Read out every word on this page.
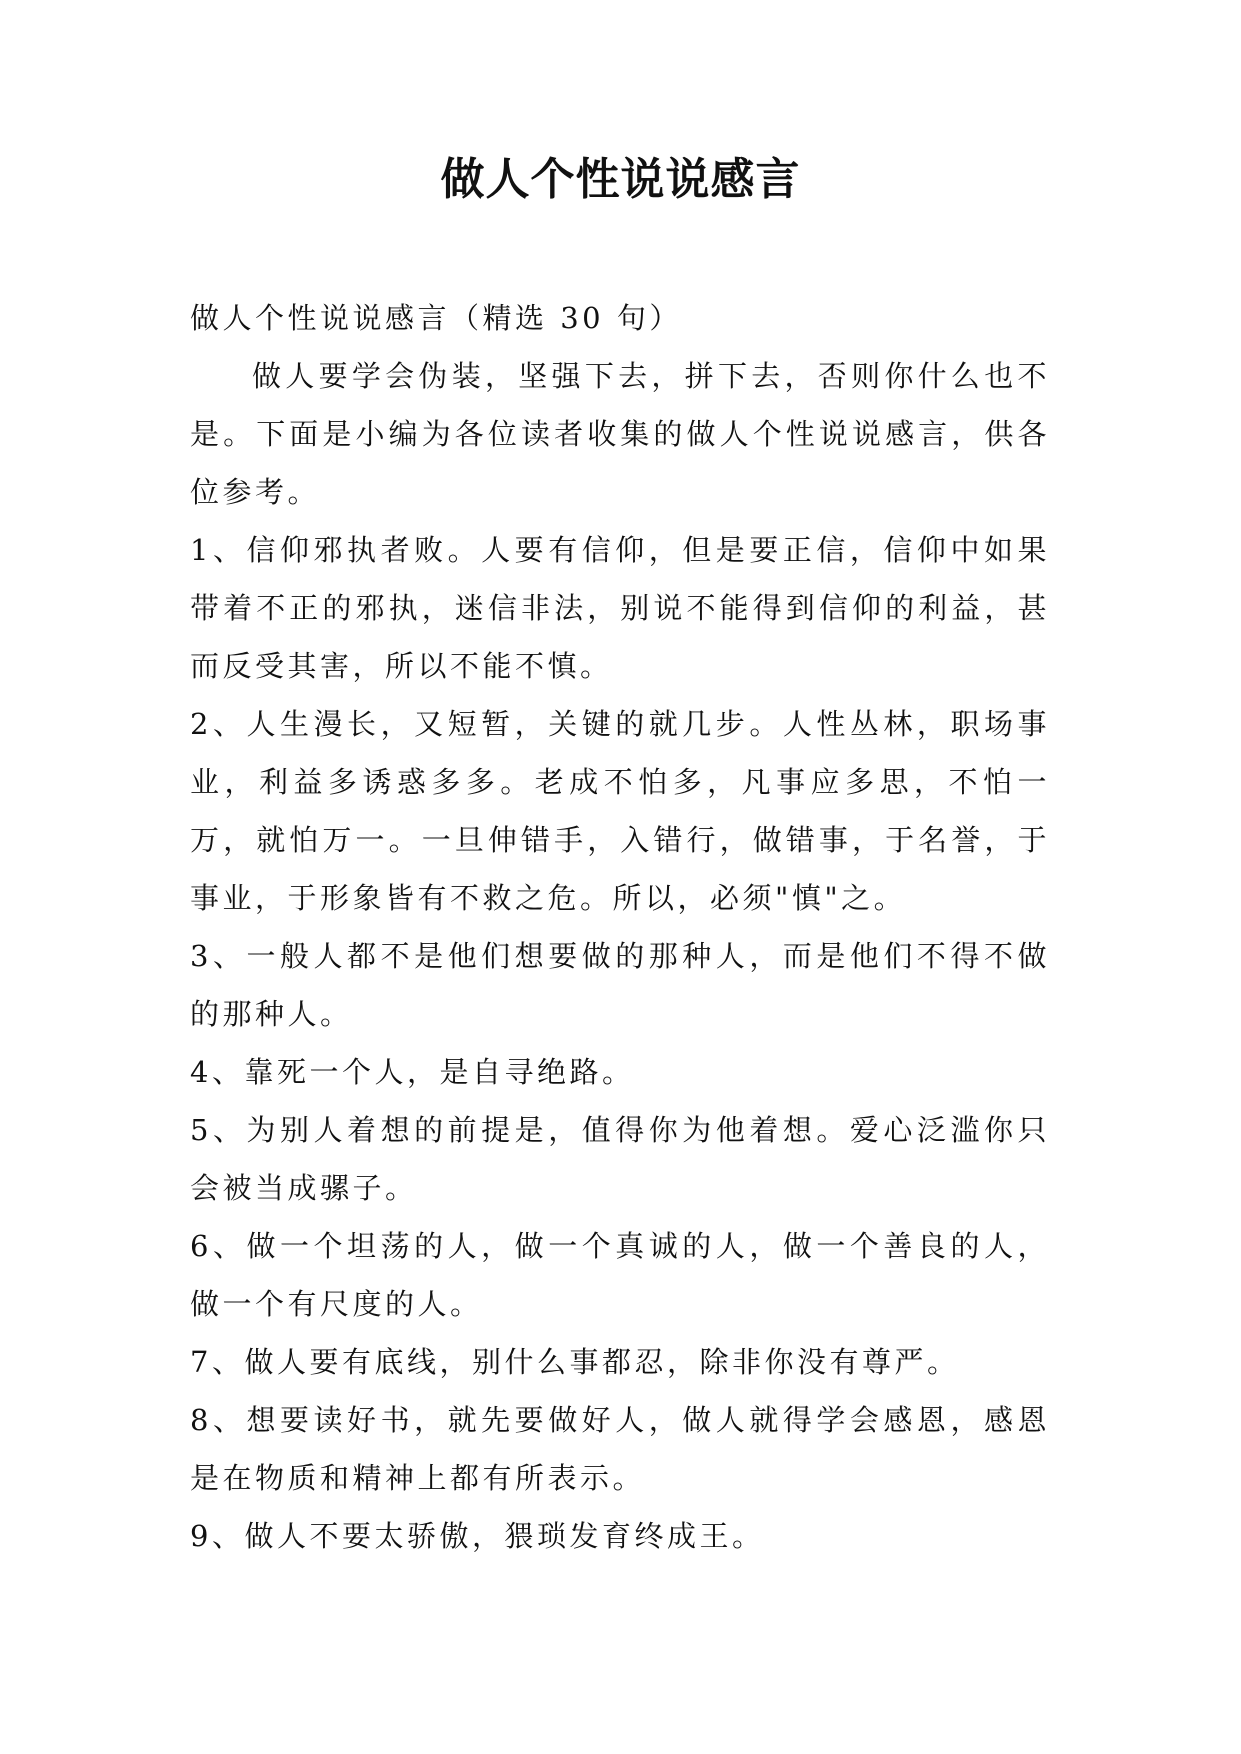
做人个性说说感言

做人个性说说感言（精选 30 句）

做人要学会伪装，坚强下去，拼下去，否则你什么也不是。下面是小编为各位读者收集的做人个性说说感言，供各位参考。

1、信仰邪执者败。人要有信仰，但是要正信，信仰中如果带着不正的邪执，迷信非法，别说不能得到信仰的利益，甚而反受其害，所以不能不慎。

2、人生漫长，又短暂，关键的就几步。人性丛林，职场事业，利益多诱惑多多。老成不怕多，凡事应多思，不怕一万，就怕万一。一旦伸错手，入错行，做错事，于名誉，于事业，于形象皆有不救之危。所以，必须"慎"之。

3、一般人都不是他们想要做的那种人，而是他们不得不做的那种人。

4、靠死一个人，是自寻绝路。

5、为别人着想的前提是，值得你为他着想。爱心泛滥你只会被当成骡子。

6、做一个坦荡的人，做一个真诚的人，做一个善良的人，做一个有尺度的人。

7、做人要有底线，别什么事都忍，除非你没有尊严。

8、想要读好书，就先要做好人，做人就得学会感恩，感恩是在物质和精神上都有所表示。

9、做人不要太骄傲，猥琐发育终成王。
